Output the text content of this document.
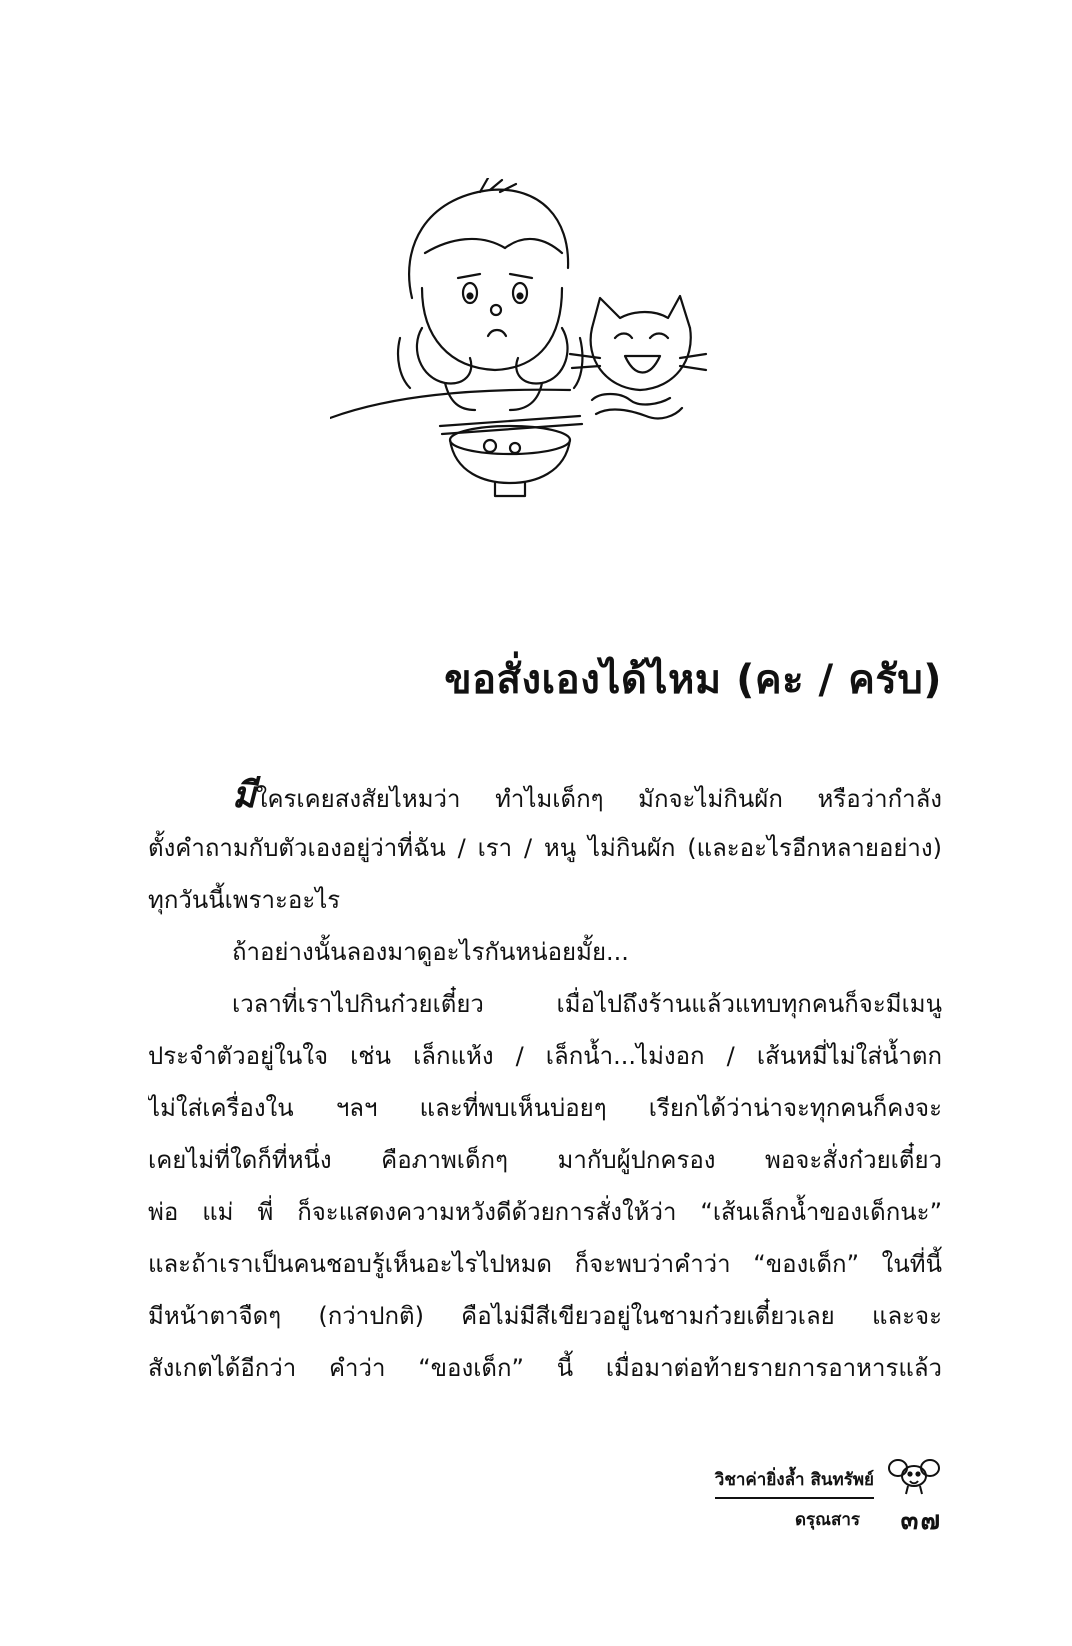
ขอสั่งเองได้ไหม (คะ / ครับ)
มีใครเคยสงสัยไหมว่า ทำไมเด็กๆ มักจะไม่กินผัก หรือว่ากำลัง
ตั้งคำถามกับตัวเองอยู่ว่าที่ฉัน / เรา / หนู ไม่กินผัก (และอะไรอีกหลายอย่าง)
ทุกวันนี้เพราะอะไร
ถ้าอย่างนั้นลองมาดูอะไรกันหน่อยมั้ย...
เวลาที่เราไปกินก๋วยเตี๋ยว เมื่อไปถึงร้านแล้วแทบทุกคนก็จะมีเมนู
ประจำตัวอยู่ในใจ เช่น เล็กแห้ง / เล็กน้ำ...ไม่งอก / เส้นหมี่ไม่ใส่น้ำตก
ไม่ใส่เครื่องใน ฯลฯ และที่พบเห็นบ่อยๆ เรียกได้ว่าน่าจะทุกคนก็คงจะ
เคยไม่ที่ใดก็ที่หนึ่ง คือภาพเด็กๆ มากับผู้ปกครอง พอจะสั่งก๋วยเตี๋ยว
พ่อ แม่ พี่ ก็จะแสดงความหวังดีด้วยการสั่งให้ว่า “เส้นเล็กน้ำของเด็กนะ”
และถ้าเราเป็นคนชอบรู้เห็นอะไรไปหมด ก็จะพบว่าคำว่า “ของเด็ก” ในที่นี้
มีหน้าตาจืดๆ (กว่าปกติ) คือไม่มีสีเขียวอยู่ในชามก๋วยเตี๋ยวเลย และจะ
สังเกตได้อีกว่า คำว่า “ของเด็ก” นี้ เมื่อมาต่อท้ายรายการอาหารแล้ว
วิชาค่ายิ่งล้ำ สินทรัพย์
ดรุณสาร ๓๗
